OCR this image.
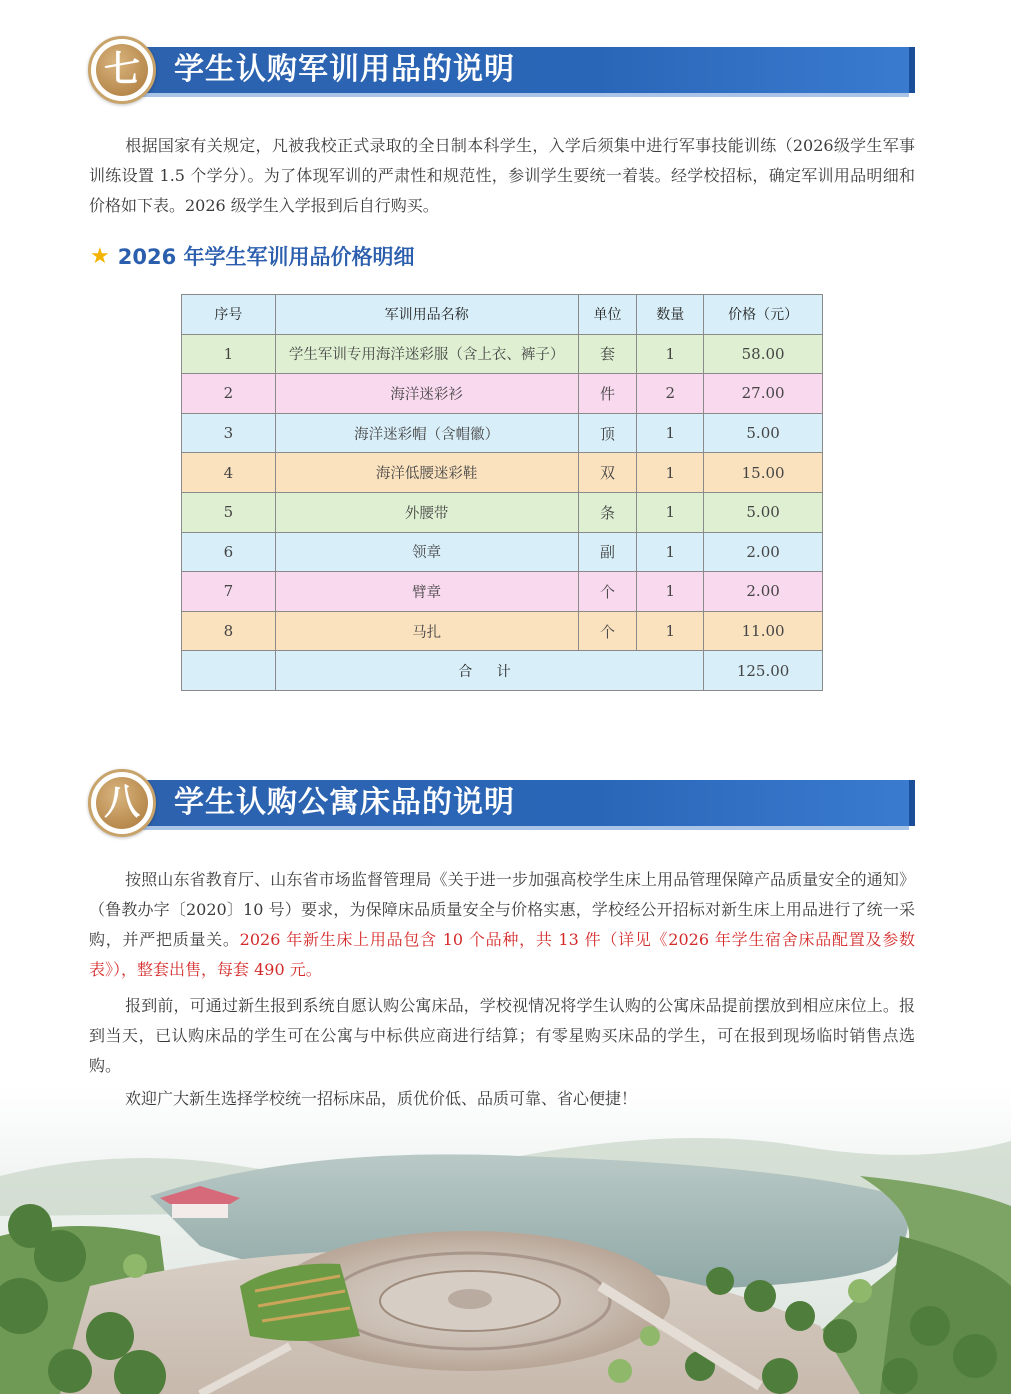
七 学生认购军训用品的说明
根据国家有关规定，凡被我校正式录取的全日制本科学生，入学后须集中进行军事技能训练（2026级学生军事训练设置 1.5 个学分）。为了体现军训的严肃性和规范性，参训学生要统一着装。经学校招标，确定军训用品明细和价格如下表。2026 级学生入学报到后自行购买。
★ 2026 年学生军训用品价格明细
序号	军训用品名称	单位	数量	价格（元）
1	学生军训专用海洋迷彩服（含上衣、裤子）	套	1	58.00
2	海洋迷彩衫	件	2	27.00
3	海洋迷彩帽（含帽徽）	顶	1	5.00
4	海洋低腰迷彩鞋	双	1	15.00
5	外腰带	条	1	5.00
6	领章	副	1	2.00
7	臂章	个	1	2.00
8	马扎	个	1	11.00
	合 计			125.00
八 学生认购公寓床品的说明
按照山东省教育厅、山东省市场监督管理局《关于进一步加强高校学生床上用品管理保障产品质量安全的通知》（鲁教办字〔2020〕10 号）要求，为保障床品质量安全与价格实惠，学校经公开招标对新生床上用品进行了统一采购，并严把质量关。2026 年新生床上用品包含 10 个品种，共 13 件（详见《2026 年学生宿舍床品配置及参数表》），整套出售，每套 490 元。
报到前，可通过新生报到系统自愿认购公寓床品，学校视情况将学生认购的公寓床品提前摆放到相应床位上。报到当天，已认购床品的学生可在公寓与中标供应商进行结算；有零星购买床品的学生，可在报到现场临时销售点选购。
欢迎广大新生选择学校统一招标床品，质优价低、品质可靠、省心便捷！
